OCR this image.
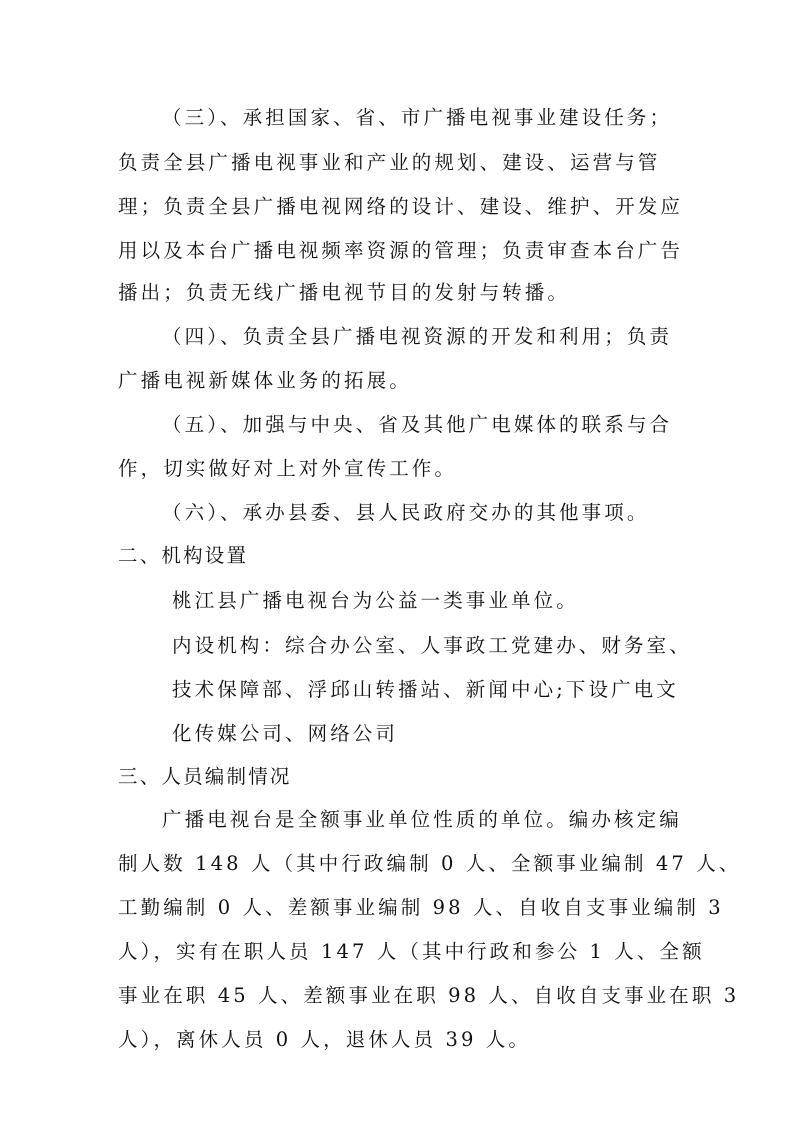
（三）、承担国家、省、市广播电视事业建设任务；
负责全县广播电视事业和产业的规划、建设、运营与管
理；负责全县广播电视网络的设计、建设、维护、开发应
用以及本台广播电视频率资源的管理；负责审查本台广告
播出；负责无线广播电视节目的发射与转播。
（四）、负责全县广播电视资源的开发和利用；负责
广播电视新媒体业务的拓展。
（五）、加强与中央、省及其他广电媒体的联系与合
作，切实做好对上对外宣传工作。
（六）、承办县委、县人民政府交办的其他事项。
二、机构设置
桃江县广播电视台为公益一类事业单位。
内设机构：综合办公室、人事政工党建办、财务室、
技术保障部、浮邱山转播站、新闻中心;下设广电文
化传媒公司、网络公司
三、人员编制情况
广播电视台是全额事业单位性质的单位。编办核定编
制人数 148 人（其中行政编制 0 人、全额事业编制 47 人、
工勤编制 0 人、差额事业编制 98 人、自收自支事业编制 3
人），实有在职人员 147 人（其中行政和参公 1 人、全额
事业在职 45 人、差额事业在职 98 人、自收自支事业在职 3
人），离休人员 0 人，退休人员 39 人。
